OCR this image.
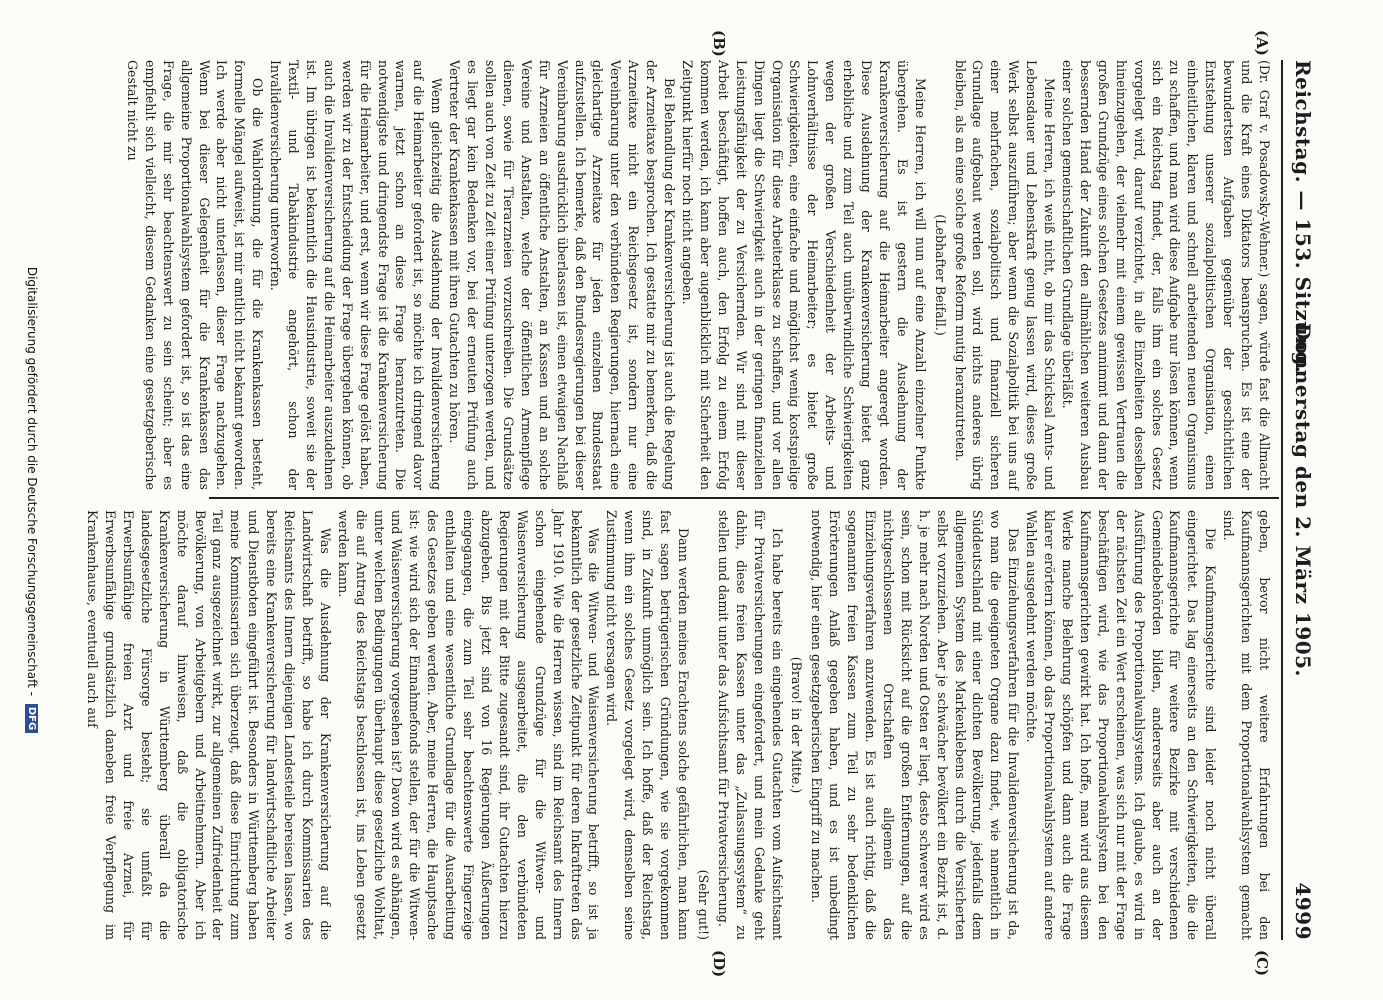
Reichstag. — 153. Sitzung.
Donnerstag den 2. März 1905.
4999
(A)
(B)
(C)
(D)

(Dr. Graf v. Posadowsky-Wehner.) sagen, würde fast die Allmacht und die Kraft eines Diktators beanspruchen. Es ist eine der bewundertsten Aufgaben gegenüber der geschichtlichen Entstehung unserer sozialpolitischen Organisation, einen einheitlichen, klaren und schnell arbeitenden neuen Organismus zu schaffen, und man wird diese Aufgabe nur lösen können, wenn sich ein Reichstag findet, der, falls ihm ein solches Gesetz vorgelegt wird, darauf verzichtet, in alle Einzelheiten desselben hineinzugehen, der vielmehr mit einem gewissen Vertrauen die großen Grundzüge eines solchen Gesetzes annimmt und dann der bessernden Hand der Zukunft den allmählichen weiteren Ausbau einer solchen gemeinschaftlichen Grundlage überläßt.

Meine Herren, ich weiß nicht, ob mir das Schicksal Amts- und Lebensdauer und Lebenskraft genug lassen wird, dieses große Werk selbst auszuführen; aber wenn die Sozialpolitik bei uns auf einer mehrfachen, sozialpolitisch und finanziell sicheren Grundlage aufgebaut werden soll, wird nichts anderes übrig bleiben, als an eine solche große Reform mutig heranzutreten.

(Lebhafter Beifall.)

Meine Herren, ich will nun auf eine Anzahl einzelner Punkte übergehen. Es ist gestern die Ausdehnung der Krankenversicherung auf die Heimarbeiter angeregt worden. Diese Ausdehnung der Krankenversicherung bietet ganz erhebliche und zum Teil auch unüberwindliche Schwierigkeiten wegen der großen Verschiedenheit der Arbeits- und Lohnverhältnisse der Heimarbeiter; es bietet große Schwierigkeiten, eine einfache und möglichst wenig kostspielige Organisation für diese Arbeiterklasse zu schaffen, und vor allen Dingen liegt die Schwierigkeit auch in der geringen finanziellen Leistungsfähigkeit der zu Versichernden. Wir sind mit dieser Arbeit beschäftigt, hoffen auch, den Erfolg zu einem Erfolg kommen werden, ich kann aber augenblicklich mit Sicherheit den Zeitpunkt hierfür noch nicht angeben.

Bei Behandlung der Krankenversicherung ist auch die Regelung der Arzneitaxe besprochen. Ich gestatte mir zu bemerken, daß die Arzneitaxe nicht ein Reichsgesetz ist, sondern nur eine Vereinbarung unter den verbündeten Regierungen, hiernach eine gleichartige Arzneitaxe für jeden einzelnen Bundesstaat aufzustellen. Ich bemerke, daß den Bundesregierungen bei dieser Vereinbarung ausdrücklich überlassen ist, einen etwaigen Nachlaß für Arzneien an öffentliche Anstalten, an Kassen und an solche Vereine und Anstalten, welche der öffentlichen Armenpflege dienen, sowie für Tierarzneien vorzuschreiben. Die Grundsätze sollen auch von Zeit zu Zeit einer Prüfung unterzogen werden, und es liegt gar kein Bedenken vor, bei der erneuten Prüfung auch Vertreter der Krankenkassen mit ihren Gutachten zu hören.

Wenn gleichzeitig die Ausdehnung der Invalidenversicherung auf die Heimarbeiter gefordert ist, so möchte ich dringend davor warnen, jetzt schon an diese Frage heranzutreten. Die notwendigste und dringendste Frage ist die Krankenversicherung für die Heimarbeiter, und erst, wenn wir diese Frage gelöst haben, werden wir zu der Entscheidung der Frage übergehen können, ob auch die Invalidenversicherung auf die Heimarbeiter auszudehnen ist. Im übrigen ist bekanntlich die Hausindustrie, soweit sie der Textil- und Tabakindustrie angehört, schon der Invalidenversicherung unterworfen.

Ob die Wahlordnung, die für die Krankenkassen besteht, formelle Mängel aufweist, ist mir amtlich nicht bekannt geworden. Ich werde aber nicht unterlassen, dieser Frage nachzugehen. Wenn bei dieser Gelegenheit für die Krankenkassen das allgemeine Proportionalwahlsystem gefordert ist, so ist das eine Frage, die mir sehr beachtenswert zu sein scheint; aber es empfiehlt sich vielleicht, diesem Gedanken eine gesetzgeberische Gestalt nicht zu

geben, bevor nicht weitere Erfahrungen bei den Kaufmannsgerichten mit dem Proportionalwahlsystem gemacht sind.

Die Kaufmannsgerichte sind leider noch nicht überall eingerichtet. Das lag einerseits an den Schwierigkeiten, die die Kaufmannsgerichte für weitere Bezirke mit verschiedenen Gemeindebehörden bilden, andererseits aber auch an der Ausführung des Proportionalwahlsystems. Ich glaube, es wird in der nächsten Zeit ein Wert erscheinen, was sich nur mit der Frage beschäftigen wird, wie das Proportionalwahlsystem bei den Kaufmannsgerichten gewirkt hat. Ich hoffe, man wird aus diesem Werke manche Belehrung schöpfen und dann auch die Frage klarer erörtern können, ob das Proportionalwahlsystem auf andere Wahlen ausgedehnt werden möchte.

Das Einziehungsverfahren für die Invalidenversicherung ist da, wo man die geeigneten Organe dazu findet, wie namentlich in Süddeutschland mit einer dichten Bevölkerung, jedenfalls dem allgemeinen System des Markenklebens durch die Versicherten selbst vorzuziehen. Aber je schwächer bevölkert ein Bezirk ist, d. h. je mehr nach Norden und Osten er liegt, desto schwerer wird es sein, schon mit Rücksicht auf die großen Entfernungen, auf die nichtgeschlossenen Ortschaften allgemein das Einziehungsverfahren anzuwenden. Es ist auch richtig, daß die sogenannten freien Kassen zum Teil zu sehr bedenklichen Erörterungen Anlaß gegeben haben, und es ist unbedingt notwendig, hier einen gesetzgeberischen Eingriff zu machen.

(Bravo! in der Mitte.)

Ich habe bereits ein eingehendes Gutachten vom Aufsichtsamt für Privatversicherungen eingefordert, und mein Gedanke geht dahin, diese freien Kassen unter das „Zulassungssystem“ zu stellen und damit unter das Aufsichtsamt für Privatversicherung.

(Sehr gut!)

Dann werden meines Erachtens solche gefährlichen, man kann fast sagen betrügerischen Gründungen, wie sie vorgekommen sind, in Zukunft unmöglich sein. Ich hoffe, daß der Reichstag, wenn ihm ein solches Gesetz vorgelegt wird, demselben seine Zustimmung nicht versagen wird.

Was die Witwen- und Waisenversicherung betrifft, so ist ja bekanntlich der gesetzliche Zeitpunkt für deren Inkrafttreten das Jahr 1910. Wie die Herren wissen, sind im Reichsamt des Innern schon eingehende Grundzüge für die Witwen- und Waisenversicherung ausgearbeitet, die den verbündeten Regierungen mit der Bitte zugesandt sind, ihr Gutachten hierzu abzugeben. Bis jetzt sind von 16 Regierungen Äußerungen eingegangen, die zum Teil sehr beachtenswerte Fingerzeige enthalten und eine wesentliche Grundlage für die Ausarbeitung des Gesetzes geben werden. Aber, meine Herren, die Hauptsache ist: wie wird sich der Einnahmefonds stellen, der für die Witwen- und Waisenversicherung vorgesehen ist? Davon wird es abhängen, unter welchen Bedingungen überhaupt diese gesetzliche Wohltat, die auf Antrag des Reichstags beschlossen ist, ins Leben gesetzt werden kann.

Was die Ausdehnung der Krankenversicherung auf die Landwirtschaft betrifft, so habe ich durch Kommissarien des Reichsamts des Innern diejenigen Landesteile bereisen lassen, wo bereits eine Krankenversicherung für landwirtschaftliche Arbeiter und Dienstboten eingeführt ist. Besonders in Württemberg haben meine Kommissarien sich überzeugt, daß diese Einrichtung zum Teil ganz ausgezeichnet wirkt, zur allgemeinen Zufriedenheit der Bevölkerung, von Arbeitgebern und Arbeitnehmern. Aber ich möchte darauf hinweisen, daß die obligatorische Krankenversicherung in Württemberg überall da die landesgesetzliche Fürsorge besteht; sie umfaßt für Erwerbsunfähige freien Arzt und freie Arznei, für Erwerbsunfähige grundsätzlich daneben freie Verpflegung im Krankenhause, eventuell auch auf

Digitalisierung gefördert durch die Deutsche Forschungsgemeinschaft - DFG
